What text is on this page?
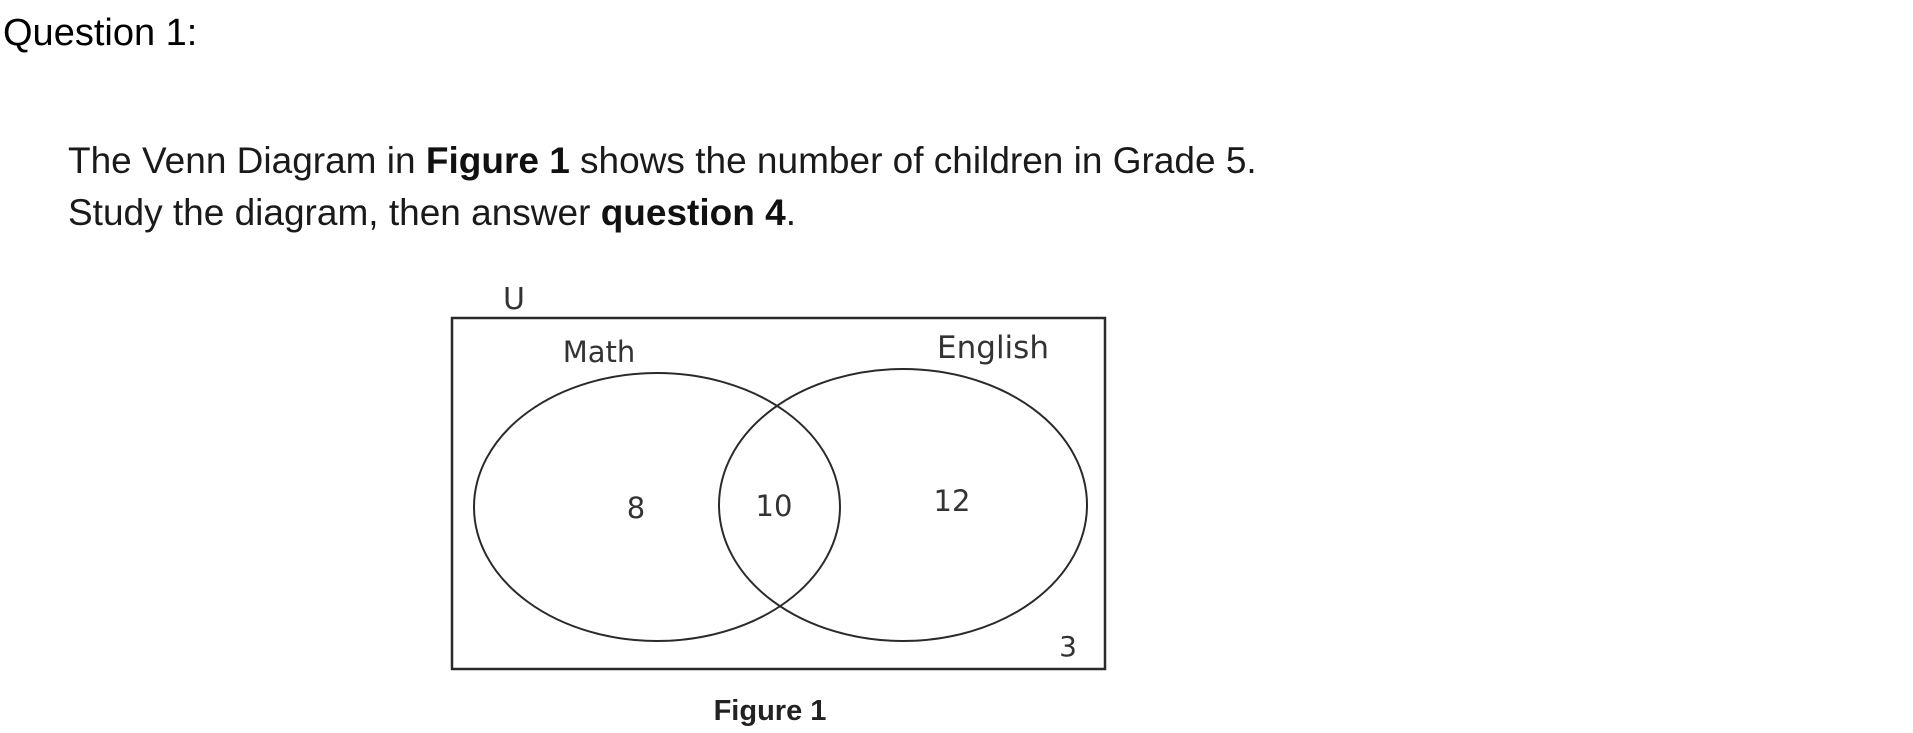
Question 1:
The Venn Diagram in Figure 1 shows the number of children in Grade 5.
Study the diagram, then answer question 4.
U
Math	English
8	10	12
3
Figure 1
